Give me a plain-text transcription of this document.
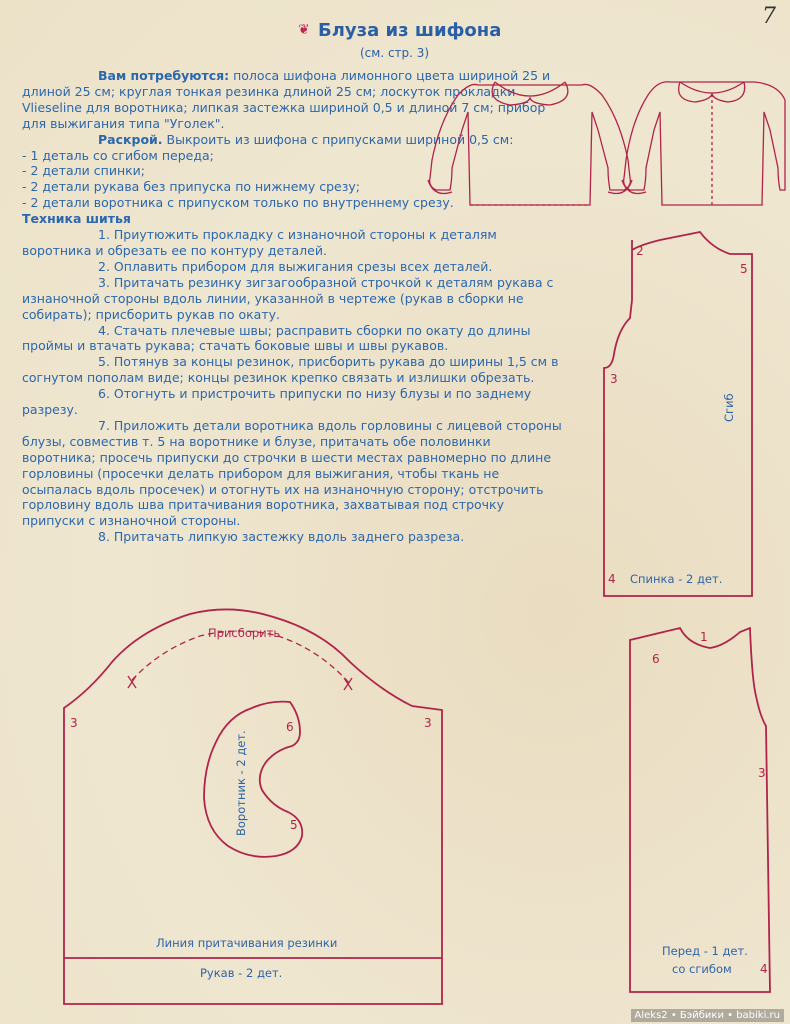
7
❦ Блуза из шифона
(см. стр. 3)

Вам потребуются: полоса шифона лимонного цвета шириной 25 и длиной 25 см; круглая тонкая резинка длиной 25 см; лоскуток прокладки Vlieseline для воротника; липкая застежка шириной 0,5 и длиной 7 см; прибор для выжигания типа "Уголек".

Раскрой. Выкроить из шифона с припусками шириной 0,5 см:

- 1 деталь со сгибом переда;

- 2 детали спинки;

- 2 детали рукава без припуска по нижнему срезу;

- 2 детали воротника с припуском только по внутреннему срезу.

Техника шитья

1. Приутюжить прокладку с изнаночной стороны к деталям воротника и обрезать ее по контуру деталей.

2. Оплавить прибором для выжигания срезы всех деталей.

3. Притачать резинку зигзагообразной строчкой к деталям рукава с изнаночной стороны вдоль линии, указанной в чертеже (рукав в сборки не собирать); присборить рукав по окату.

4. Стачать плечевые швы; расправить сборки по окату до длины проймы и втачать рукава; стачать боковые швы и швы рукавов.

5. Потянув за концы резинок, присборить рукава до ширины 1,5 см в согнутом пополам виде; концы резинок крепко связать и излишки обрезать.

6. Отогнуть и пристрочить припуски по низу блузы и по заднему разрезу.

7. Приложить детали воротника вдоль горловины с лицевой стороны блузы, совместив т. 5 на воротнике и блузе, притачать обе половинки воротника; просечь припуски до строчки в шести местах равномерно по длине горловины (просечки делать прибором для выжигания, чтобы ткань не осыпалась вдоль просечек) и отогнуть их на изнаночную сторону; отстрочить горловину вдоль шва притачивания воротника, захватывая под строчку припуски с изнаночной стороны.

8. Притачать липкую застежку вдоль заднего разреза.

Спинка - 2 дет.
Сгиб
2
5
3
4
Перед - 1 дет.
со сгибом
6
1
3
4
Присборить
Линия притачивания резинки
Рукав - 2 дет.
3	3
Воротник - 2 дет.
6
5
Aleks2 • Бэйбики • babiki.ru
